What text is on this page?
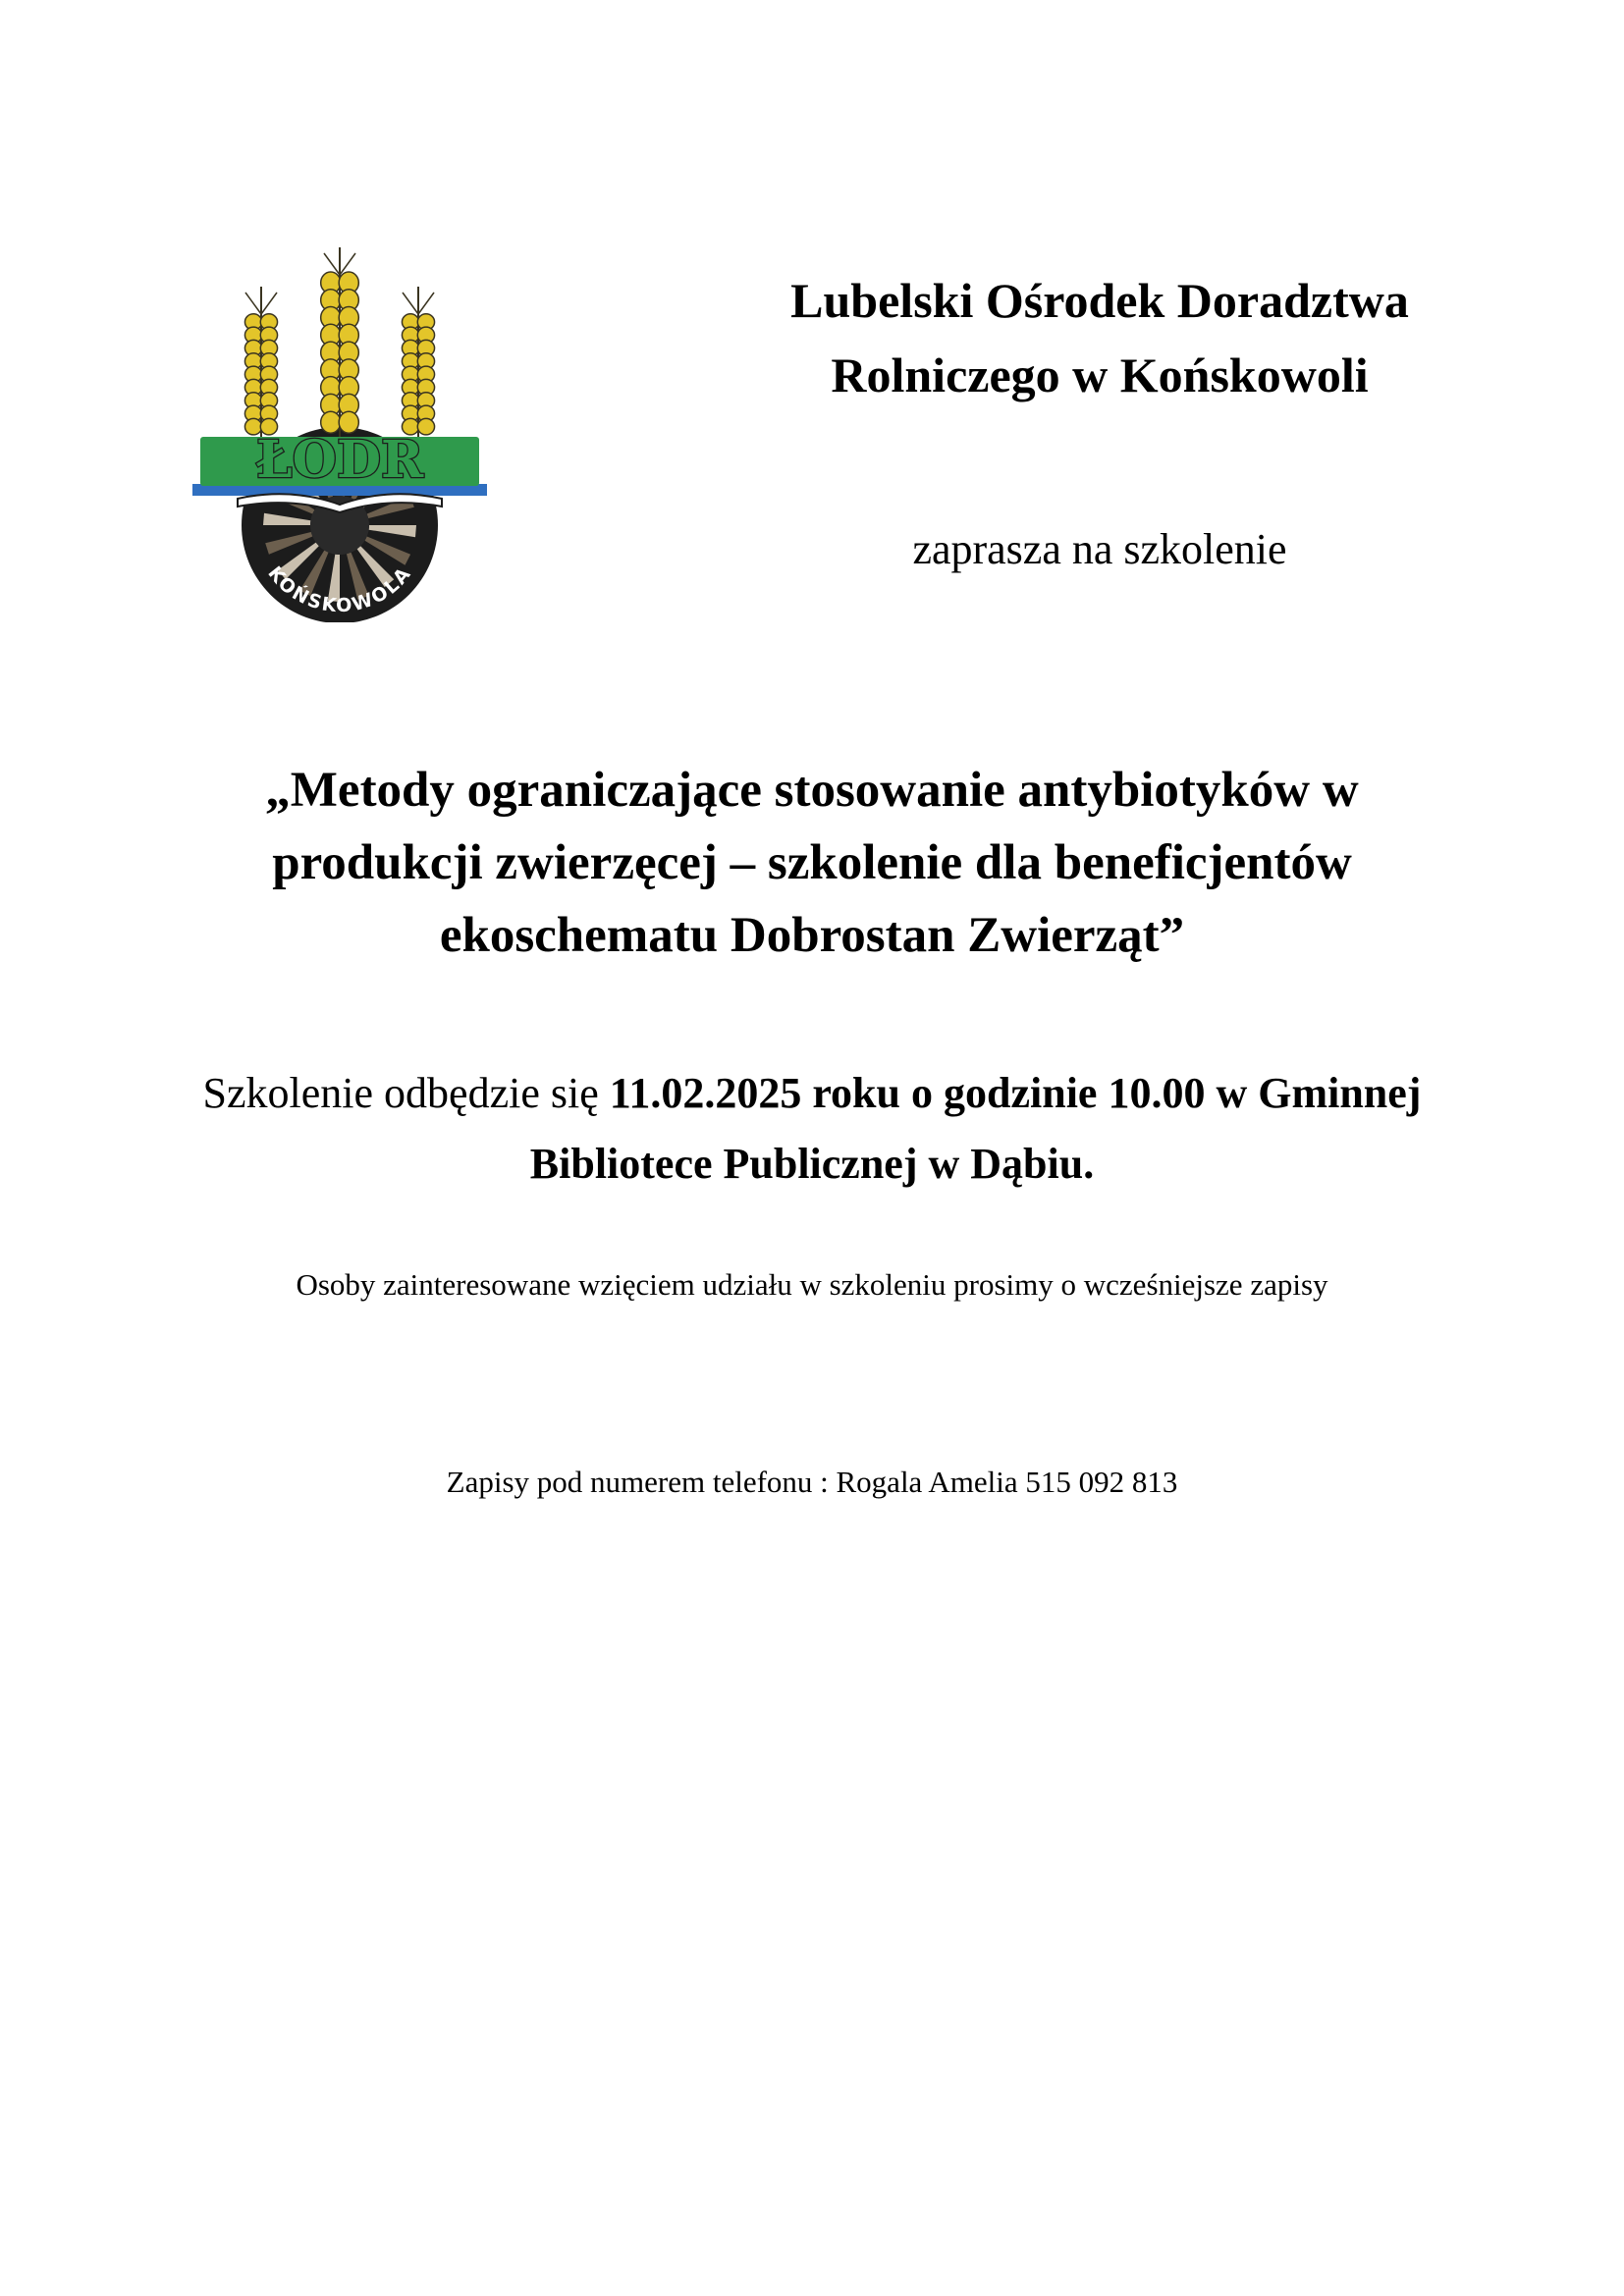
KOŃSKOWOLA
ŁODR
Lubelski Ośrodek Doradztwa
Rolniczego w Końskowoli
zaprasza na szkolenie
„Metody ograniczające stosowanie antybiotyków w
produkcji zwierzęcej – szkolenie dla beneficjentów
ekoschematu Dobrostan Zwierząt”
Szkolenie odbędzie się 11.02.2025 roku o godzinie 10.00 w Gminnej
Bibliotece Publicznej w Dąbiu.
Osoby zainteresowane wzięciem udziału w szkoleniu prosimy o wcześniejsze zapisy
Zapisy pod numerem telefonu : Rogala Amelia 515 092 813
